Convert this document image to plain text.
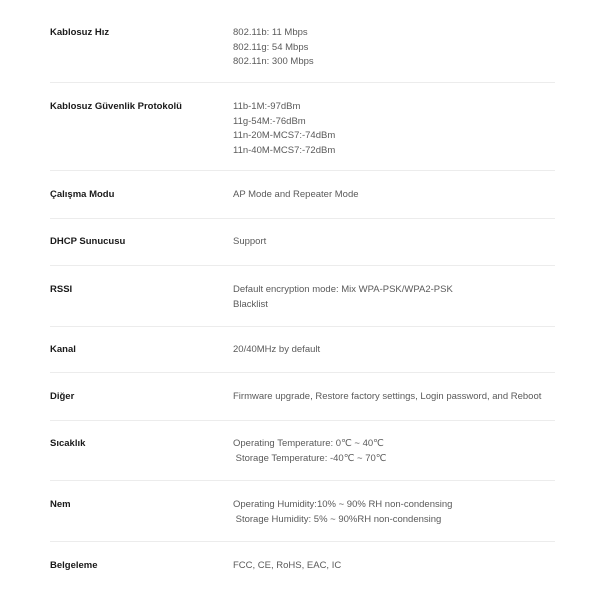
Kablosuz Hız	802.11b: 11 Mbps
802.11g: 54 Mbps
802.11n: 300 Mbps
Kablosuz Güvenlik Protokolü	11b-1M:-97dBm
11g-54M:-76dBm
11n-20M-MCS7:-74dBm
11n-40M-MCS7:-72dBm
Çalışma Modu	AP Mode and Repeater Mode
DHCP Sunucusu	Support
RSSI	Default encryption mode: Mix WPA-PSK/WPA2-PSK
Blacklist
Kanal	20/40MHz by default
Diğer	Firmware upgrade, Restore factory settings, Login password, and Reboot
Sıcaklık	Operating Temperature: 0℃ ~ 40℃
Storage Temperature: -40℃ ~ 70℃
Nem	Operating Humidity:10% ~ 90% RH non-condensing
Storage Humidity: 5% ~ 90%RH non-condensing
Belgeleme	FCC, CE, RoHS, EAC, IC
